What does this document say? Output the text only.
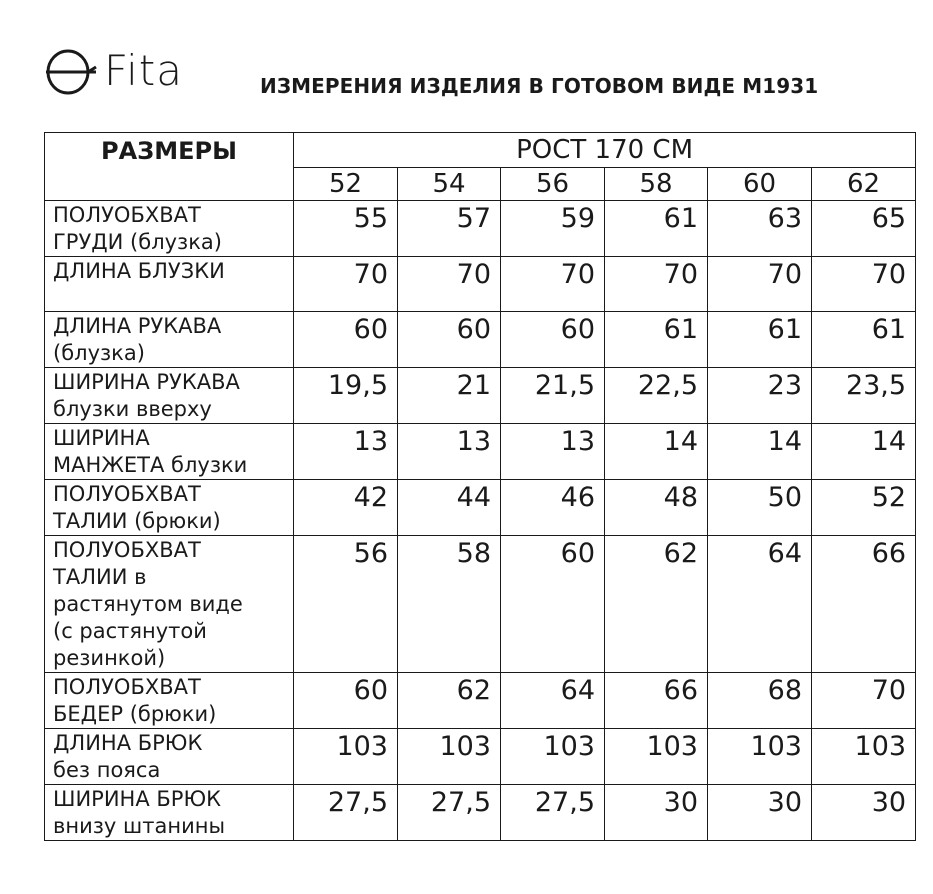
Fita	ИЗМЕРЕНИЯ ИЗДЕЛИЯ В ГОТОВОМ ВИДЕ М1931
РАЗМЕРЫ	РОСТ 170 СМ					
	52	54	56	58	60	62
ПОЛУОБХВАТ
ГРУДИ (блузка)	55	57	59	61	63	65
ДЛИНА БЛУЗКИ	70	70	70	70	70	70
ДЛИНА РУКАВА
(блузка)	60	60	60	61	61	61
ШИРИНА РУКАВА
блузки вверху	19,5	21	21,5	22,5	23	23,5
ШИРИНА
МАНЖЕТА блузки	13	13	13	14	14	14
ПОЛУОБХВАТ
ТАЛИИ (брюки)	42	44	46	48	50	52
ПОЛУОБХВАТ
ТАЛИИ в
растянутом виде
(с растянутой
резинкой)	56	58	60	62	64	66
ПОЛУОБХВАТ
БЕДЕР (брюки)	60	62	64	66	68	70
ДЛИНА БРЮК
без пояса	103	103	103	103	103	103
ШИРИНА БРЮК
внизу штанины	27,5	27,5	27,5	30	30	30
